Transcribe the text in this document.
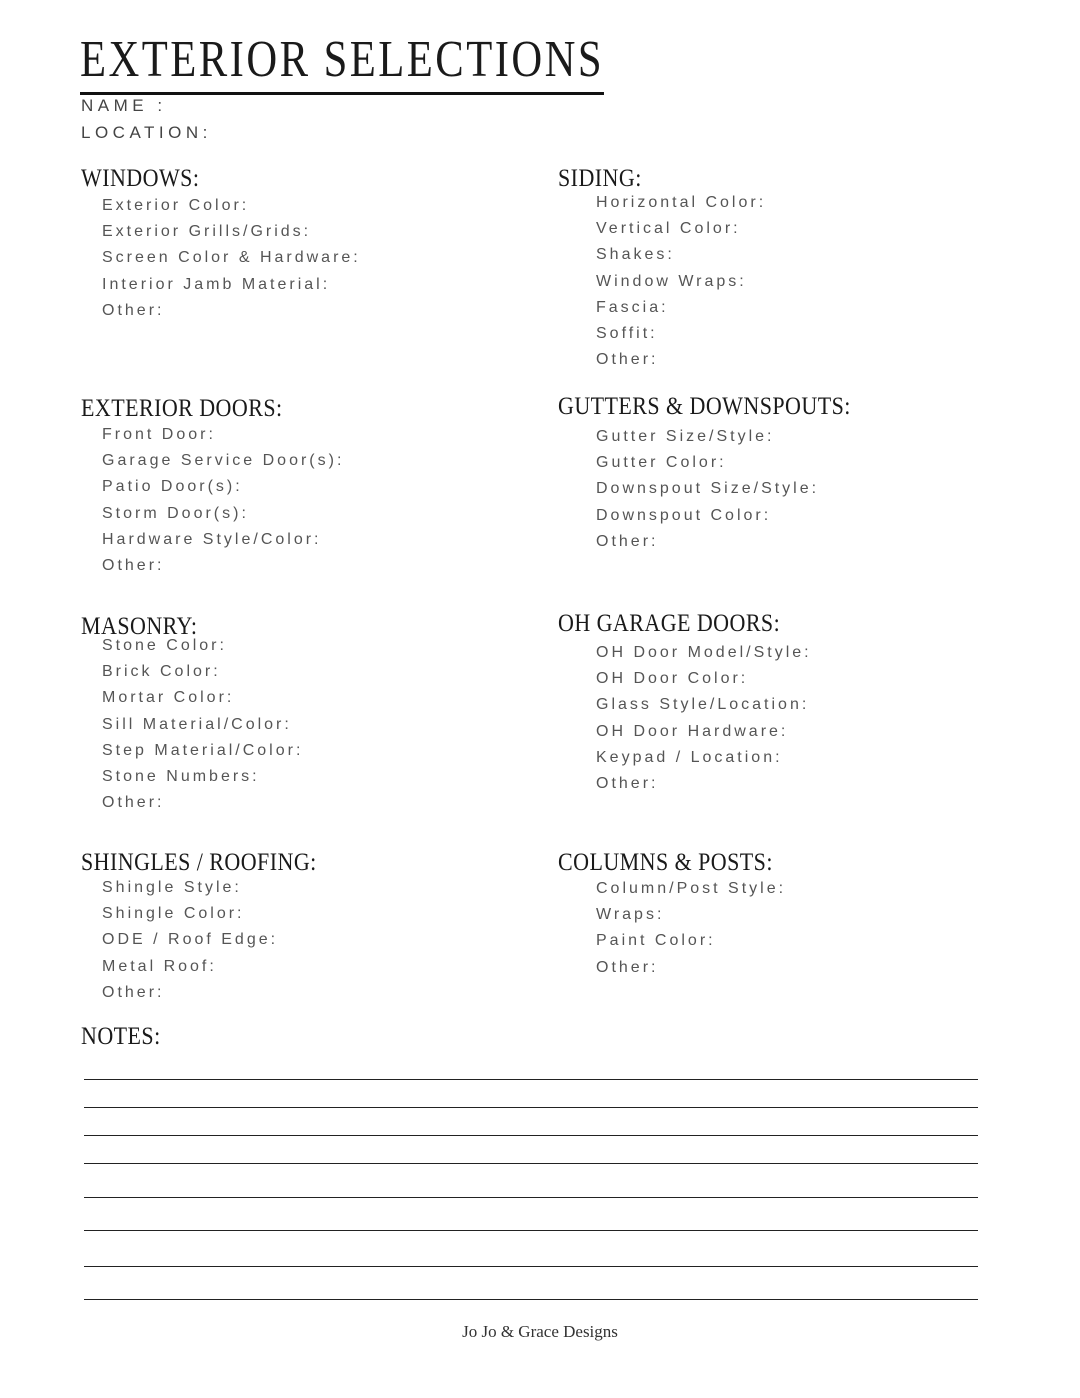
EXTERIOR SELECTIONS
NAME :
LOCATION:
WINDOWS:
Exterior Color:
Exterior Grills/Grids:
Screen Color & Hardware:
Interior Jamb Material:
Other:
SIDING:
Horizontal Color:
Vertical Color:
Shakes:
Window Wraps:
Fascia:
Soffit:
Other:
EXTERIOR DOORS:
Front Door:
Garage Service Door(s):
Patio Door(s):
Storm Door(s):
Hardware Style/Color:
Other:
GUTTERS & DOWNSPOUTS:
Gutter Size/Style:
Gutter Color:
Downspout Size/Style:
Downspout Color:
Other:
MASONRY:
Stone Color:
Brick Color:
Mortar Color:
Sill Material/Color:
Step Material/Color:
Stone Numbers:
Other:
OH GARAGE DOORS:
OH Door Model/Style:
OH Door Color:
Glass Style/Location:
OH Door Hardware:
Keypad / Location:
Other:
SHINGLES / ROOFING:
Shingle Style:
Shingle Color:
ODE / Roof Edge:
Metal Roof:
Other:
COLUMNS & POSTS:
Column/Post Style:
Wraps:
Paint Color:
Other:
NOTES:
Jo Jo & Grace Designs
